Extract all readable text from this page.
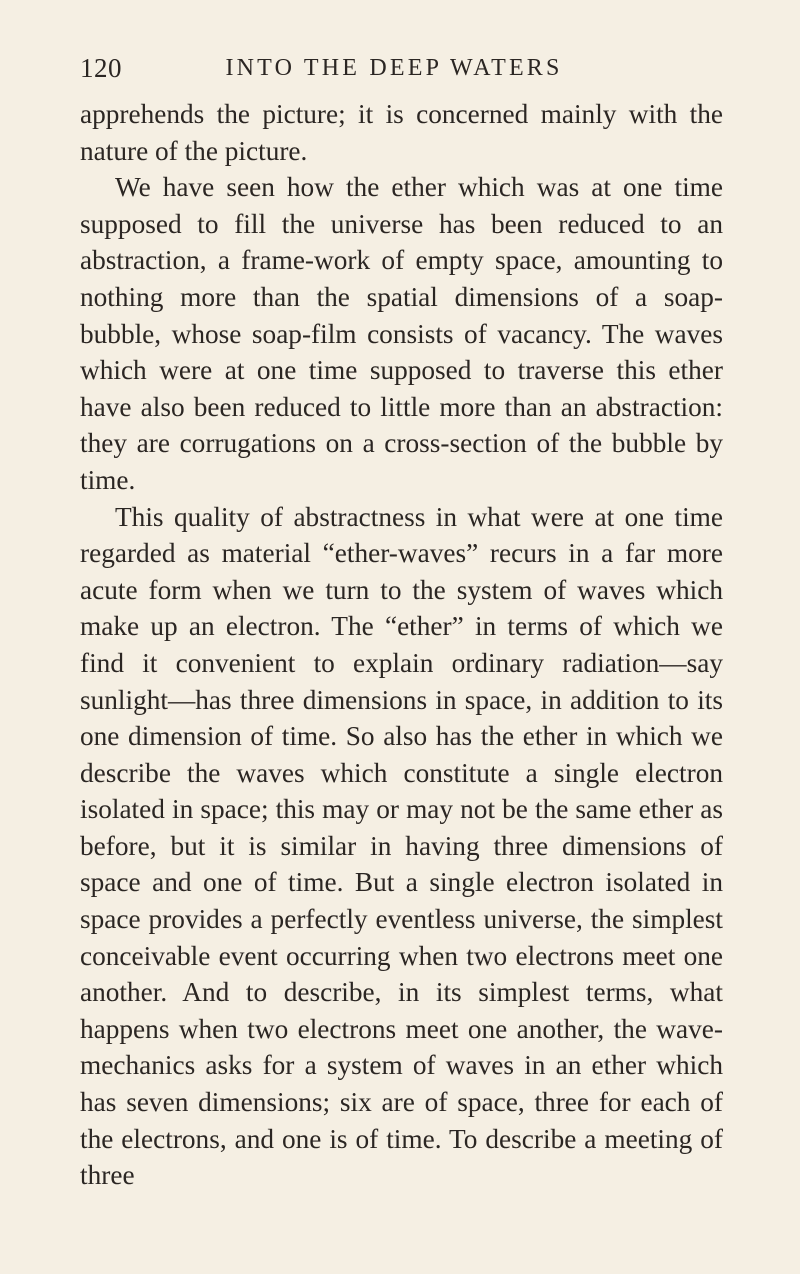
120	INTO THE DEEP WATERS

apprehends the picture; it is concerned mainly with the nature of the picture.

We have seen how the ether which was at one time supposed to fill the universe has been reduced to an abstraction, a frame-work of empty space, amounting to nothing more than the spatial dimensions of a soap-bubble, whose soap-film consists of vacancy. The waves which were at one time supposed to traverse this ether have also been reduced to little more than an abstraction: they are corrugations on a cross-section of the bubble by time.

This quality of abstractness in what were at one time regarded as material “ether-waves” recurs in a far more acute form when we turn to the system of waves which make up an electron. The “ether” in terms of which we find it convenient to explain ordinary radiation—say sunlight—has three dimensions in space, in addition to its one dimension of time. So also has the ether in which we describe the waves which constitute a single electron isolated in space; this may or may not be the same ether as before, but it is similar in having three dimensions of space and one of time. But a single electron isolated in space provides a perfectly eventless universe, the simplest conceivable event occurring when two electrons meet one another. And to describe, in its simplest terms, what happens when two electrons meet one another, the wave-mechanics asks for a system of waves in an ether which has seven dimensions; six are of space, three for each of the electrons, and one is of time. To describe a meeting of three
